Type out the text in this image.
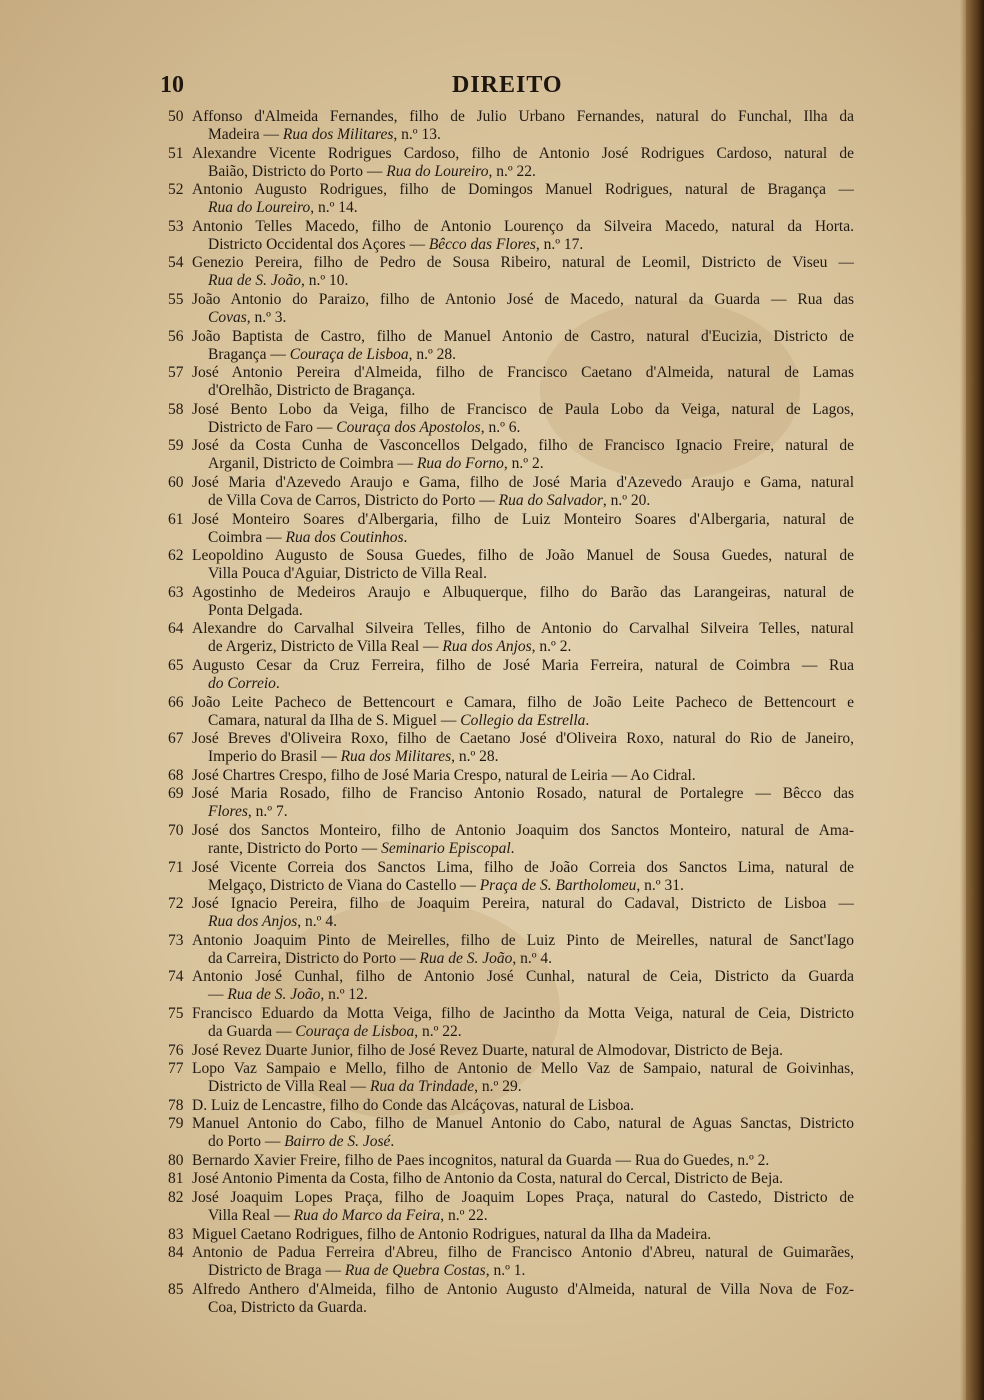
10	DIREITO
50 Affonso d'Almeida Fernandes, filho de Julio Urbano Fernandes, natural do Funchal, Ilha da
Madeira — Rua dos Militares, n.º 13.
51 Alexandre Vicente Rodrigues Cardoso, filho de Antonio José Rodrigues Cardoso, natural de
Baião, Districto do Porto — Rua do Loureiro, n.º 22.
52 Antonio Augusto Rodrigues, filho de Domingos Manuel Rodrigues, natural de Bragança —
Rua do Loureiro, n.º 14.
53 Antonio Telles Macedo, filho de Antonio Lourenço da Silveira Macedo, natural da Horta.
Districto Occidental dos Açores — Bêcco das Flores, n.º 17.
54 Genezio Pereira, filho de Pedro de Sousa Ribeiro, natural de Leomil, Districto de Viseu —
Rua de S. João, n.º 10.
55 João Antonio do Paraizo, filho de Antonio José de Macedo, natural da Guarda — Rua das
Covas, n.º 3.
56 João Baptista de Castro, filho de Manuel Antonio de Castro, natural d'Eucizia, Districto de
Bragança — Couraça de Lisboa, n.º 28.
57 José Antonio Pereira d'Almeida, filho de Francisco Caetano d'Almeida, natural de Lamas
d'Orelhão, Districto de Bragança.
58 José Bento Lobo da Veiga, filho de Francisco de Paula Lobo da Veiga, natural de Lagos,
Districto de Faro — Couraça dos Apostolos, n.º 6.
59 José da Costa Cunha de Vasconcellos Delgado, filho de Francisco Ignacio Freire, natural de
Arganil, Districto de Coimbra — Rua do Forno, n.º 2.
60 José Maria d'Azevedo Araujo e Gama, filho de José Maria d'Azevedo Araujo e Gama, natural
de Villa Cova de Carros, Districto do Porto — Rua do Salvador, n.º 20.
61 José Monteiro Soares d'Albergaria, filho de Luiz Monteiro Soares d'Albergaria, natural de
Coimbra — Rua dos Coutinhos.
62 Leopoldino Augusto de Sousa Guedes, filho de João Manuel de Sousa Guedes, natural de
Villa Pouca d'Aguiar, Districto de Villa Real.
63 Agostinho de Medeiros Araujo e Albuquerque, filho do Barão das Larangeiras, natural de
Ponta Delgada.
64 Alexandre do Carvalhal Silveira Telles, filho de Antonio do Carvalhal Silveira Telles, natural
de Argeriz, Districto de Villa Real — Rua dos Anjos, n.º 2.
65 Augusto Cesar da Cruz Ferreira, filho de José Maria Ferreira, natural de Coimbra — Rua
do Correio.
66 João Leite Pacheco de Bettencourt e Camara, filho de João Leite Pacheco de Bettencourt e
Camara, natural da Ilha de S. Miguel — Collegio da Estrella.
67 José Breves d'Oliveira Roxo, filho de Caetano José d'Oliveira Roxo, natural do Rio de Janeiro,
Imperio do Brasil — Rua dos Militares, n.º 28.
68 José Chartres Crespo, filho de José Maria Crespo, natural de Leiria — Ao Cidral.
69 José Maria Rosado, filho de Franciso Antonio Rosado, natural de Portalegre — Bêcco das
Flores, n.º 7.
70 José dos Sanctos Monteiro, filho de Antonio Joaquim dos Sanctos Monteiro, natural de Ama-
rante, Districto do Porto — Seminario Episcopal.
71 José Vicente Correia dos Sanctos Lima, filho de João Correia dos Sanctos Lima, natural de
Melgaço, Districto de Viana do Castello — Praça de S. Bartholomeu, n.º 31.
72 José Ignacio Pereira, filho de Joaquim Pereira, natural do Cadaval, Districto de Lisboa —
Rua dos Anjos, n.º 4.
73 Antonio Joaquim Pinto de Meirelles, filho de Luiz Pinto de Meirelles, natural de Sanct'Iago
da Carreira, Districto do Porto — Rua de S. João, n.º 4.
74 Antonio José Cunhal, filho de Antonio José Cunhal, natural de Ceia, Districto da Guarda
— Rua de S. João, n.º 12.
75 Francisco Eduardo da Motta Veiga, filho de Jacintho da Motta Veiga, natural de Ceia, Districto
da Guarda — Couraça de Lisboa, n.º 22.
76 José Revez Duarte Junior, filho de José Revez Duarte, natural de Almodovar, Districto de Beja.
77 Lopo Vaz Sampaio e Mello, filho de Antonio de Mello Vaz de Sampaio, natural de Goivinhas,
Districto de Villa Real — Rua da Trindade, n.º 29.
78 D. Luiz de Lencastre, filho do Conde das Alcáçovas, natural de Lisboa.
79 Manuel Antonio do Cabo, filho de Manuel Antonio do Cabo, natural de Aguas Sanctas, Districto
do Porto — Bairro de S. José.
80 Bernardo Xavier Freire, filho de Paes incognitos, natural da Guarda — Rua do Guedes, n.º 2.
81 José Antonio Pimenta da Costa, filho de Antonio da Costa, natural do Cercal, Districto de Beja.
82 José Joaquim Lopes Praça, filho de Joaquim Lopes Praça, natural do Castedo, Districto de
Villa Real — Rua do Marco da Feira, n.º 22.
83 Miguel Caetano Rodrigues, filho de Antonio Rodrigues, natural da Ilha da Madeira.
84 Antonio de Padua Ferreira d'Abreu, filho de Francisco Antonio d'Abreu, natural de Guimarães,
Districto de Braga — Rua de Quebra Costas, n.º 1.
85 Alfredo Anthero d'Almeida, filho de Antonio Augusto d'Almeida, natural de Villa Nova de Foz-
Coa, Districto da Guarda.
